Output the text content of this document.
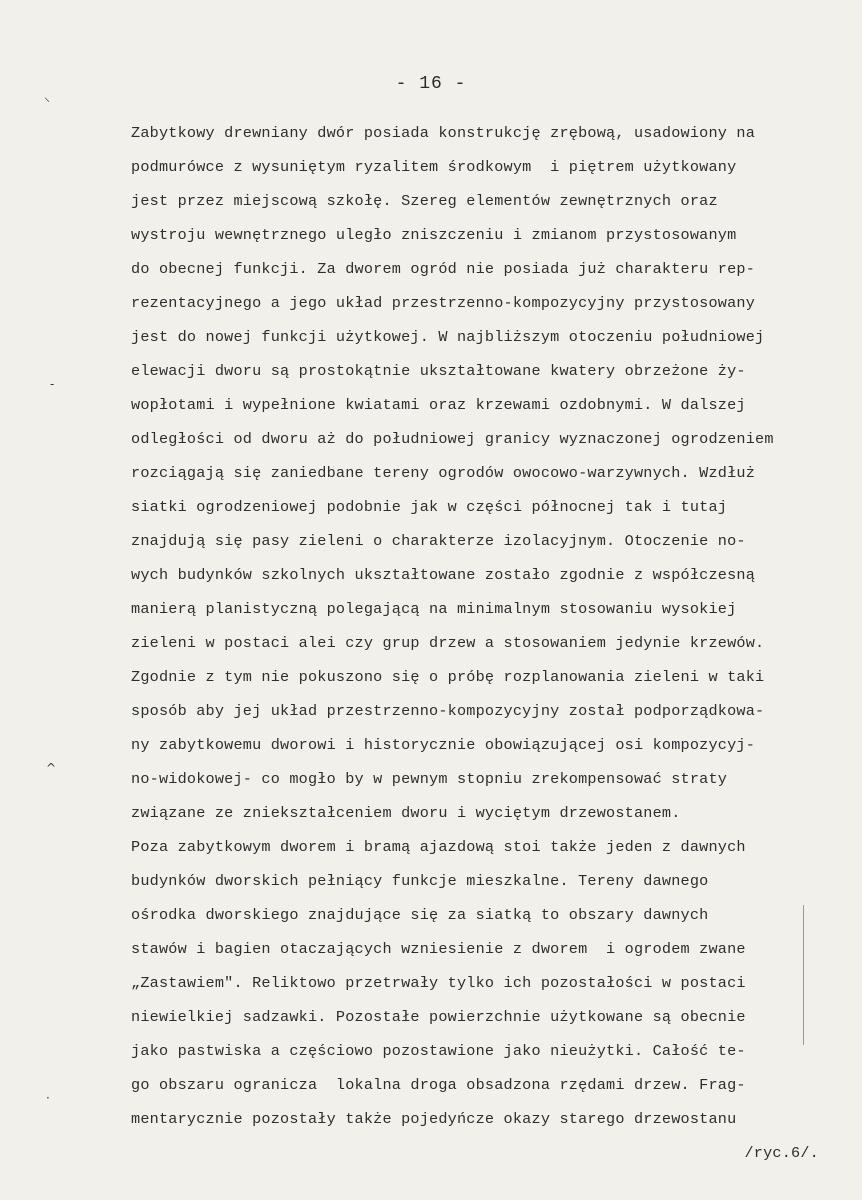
⸜
-
^
·
- 16 -
Zabytkowy drewniany dwór posiada konstrukcję zrębową, usadowiony na
podmurówce z wysuniętym ryzalitem środkowym  i piętrem użytkowany
jest przez miejscową szkołę. Szereg elementów zewnętrznych oraz
wystroju wewnętrznego uległo zniszczeniu i zmianom przystosowanym
do obecnej funkcji. Za dworem ogród nie posiada już charakteru rep-
rezentacyjnego a jego układ przestrzenno-kompozycyjny przystosowany
jest do nowej funkcji użytkowej. W najbliższym otoczeniu południowej
elewacji dworu są prostokątnie ukształtowane kwatery obrzeżone ży-
wopłotami i wypełnione kwiatami oraz krzewami ozdobnymi. W dalszej
odległości od dworu aż do południowej granicy wyznaczonej ogrodzeniem
rozciągają się zaniedbane tereny ogrodów owocowo-warzywnych. Wzdłuż
siatki ogrodzeniowej podobnie jak w części północnej tak i tutaj
znajdują się pasy zieleni o charakterze izolacyjnym. Otoczenie no-
wych budynków szkolnych ukształtowane zostało zgodnie z współczesną
manierą planistyczną polegającą na minimalnym stosowaniu wysokiej
zieleni w postaci alei czy grup drzew a stosowaniem jedynie krzewów.
Zgodnie z tym nie pokuszono się o próbę rozplanowania zieleni w taki
sposób aby jej układ przestrzenno-kompozycyjny został podporządkowa-
ny zabytkowemu dworowi i historycznie obowiązującej osi kompozycyj-
no-widokowej- co mogło by w pewnym stopniu zrekompensować straty
związane ze zniekształceniem dworu i wyciętym drzewostanem.
Poza zabytkowym dworem i bramą ajazdową stoi także jeden z dawnych
budynków dworskich pełniący funkcje mieszkalne. Tereny dawnego
ośrodka dworskiego znajdujące się za siatką to obszary dawnych
stawów i bagien otaczających wzniesienie z dworem  i ogrodem zwane
„Zastawiem". Reliktowo przetrwały tylko ich pozostałości w postaci
niewielkiej sadzawki. Pozostałe powierzchnie użytkowane są obecnie
jako pastwiska a częściowo pozostawione jako nieużytki. Całość te-
go obszaru ogranicza  lokalna droga obsadzona rzędami drzew. Frag-
mentarycznie pozostały także pojedyńcze okazy starego drzewostanu
/ryc.6/.
